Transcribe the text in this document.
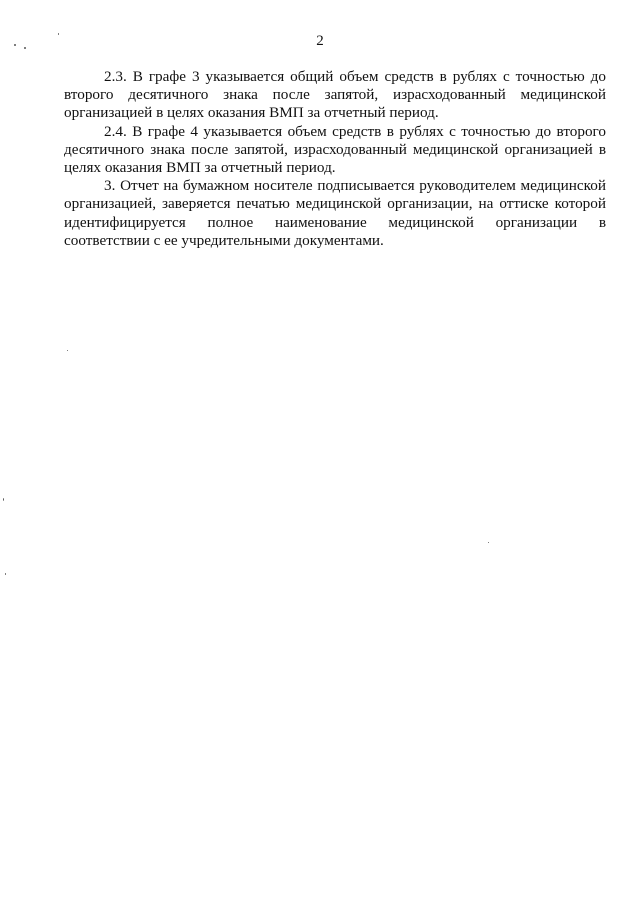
2

2.3. В графе 3 указывается общий объем средств в рублях с точностью до второго десятичного знака после запятой, израсходованный медицинской организацией в целях оказания ВМП за отчетный период.

2.4. В графе 4 указывается объем средств в рублях с точностью до второго десятичного знака после запятой, израсходованный медицинской организацией в целях оказания ВМП за отчетный период.

3. Отчет на бумажном носителе подписывается руководителем медицинской организацией, заверяется печатью медицинской организации, на оттиске которой идентифицируется полное наименование медицинской организации в соответствии с ее учредительными документами.
